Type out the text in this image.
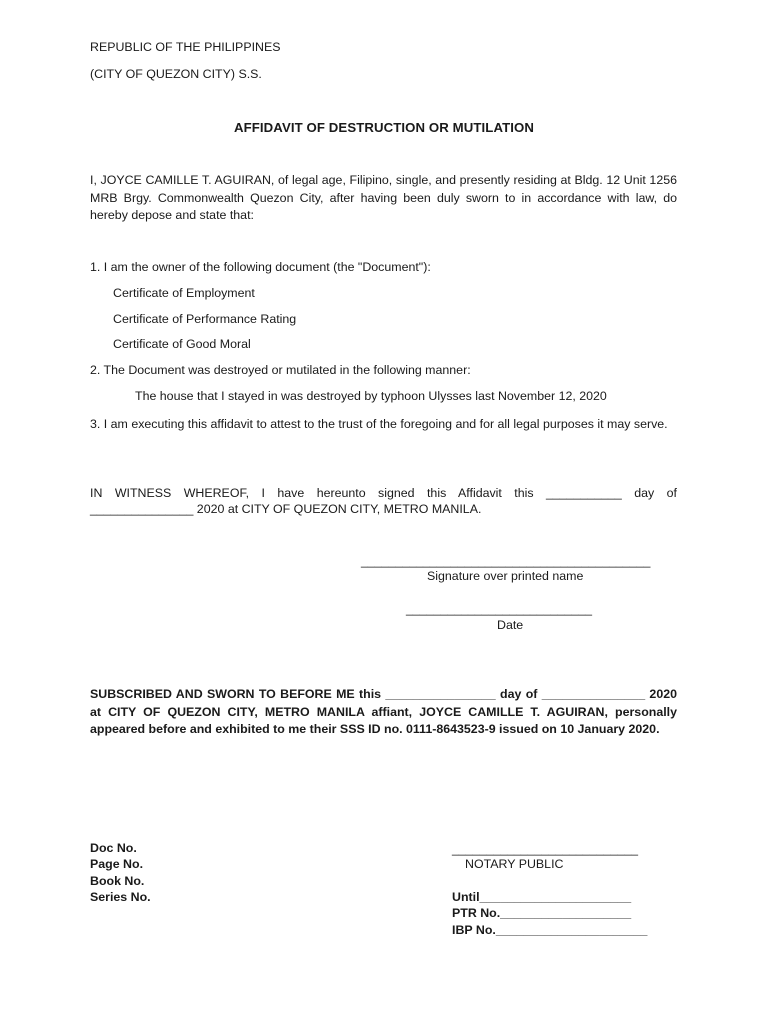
REPUBLIC OF THE PHILIPPINES
(CITY OF QUEZON CITY) S.S.
AFFIDAVIT OF DESTRUCTION OR MUTILATION
I, JOYCE CAMILLE T. AGUIRAN, of legal age, Filipino, single, and presently residing at Bldg. 12 Unit 1256 MRB Brgy. Commonwealth Quezon City, after having been duly sworn to in accordance with law, do hereby depose and state that:
1. I am the owner of the following document (the "Document"):
Certificate of Employment
Certificate of Performance Rating
Certificate of Good Moral
2. The Document was destroyed or mutilated in the following manner:
The house that I stayed in was destroyed by typhoon Ulysses last November 12, 2020
3. I am executing this affidavit to attest to the trust of the foregoing and for all legal purposes it may serve.
IN WITNESS WHEREOF, I have hereunto signed this Affidavit this ___________ day of
_______________ 2020 at CITY OF QUEZON CITY, METRO MANILA.
__________________________________________
Signature over printed name
___________________________
Date
SUBSCRIBED AND SWORN TO BEFORE ME this ________________ day of _______________ 2020 at CITY OF QUEZON CITY, METRO MANILA affiant, JOYCE CAMILLE T. AGUIRAN, personally appeared before and exhibited to me their SSS ID no. 0111-8643523-9 issued on 10 January 2020.
Doc No.
Page No.
Book No.
Series No.
___________________________
NOTARY PUBLIC
Until______________________
PTR No.___________________
IBP No.______________________
